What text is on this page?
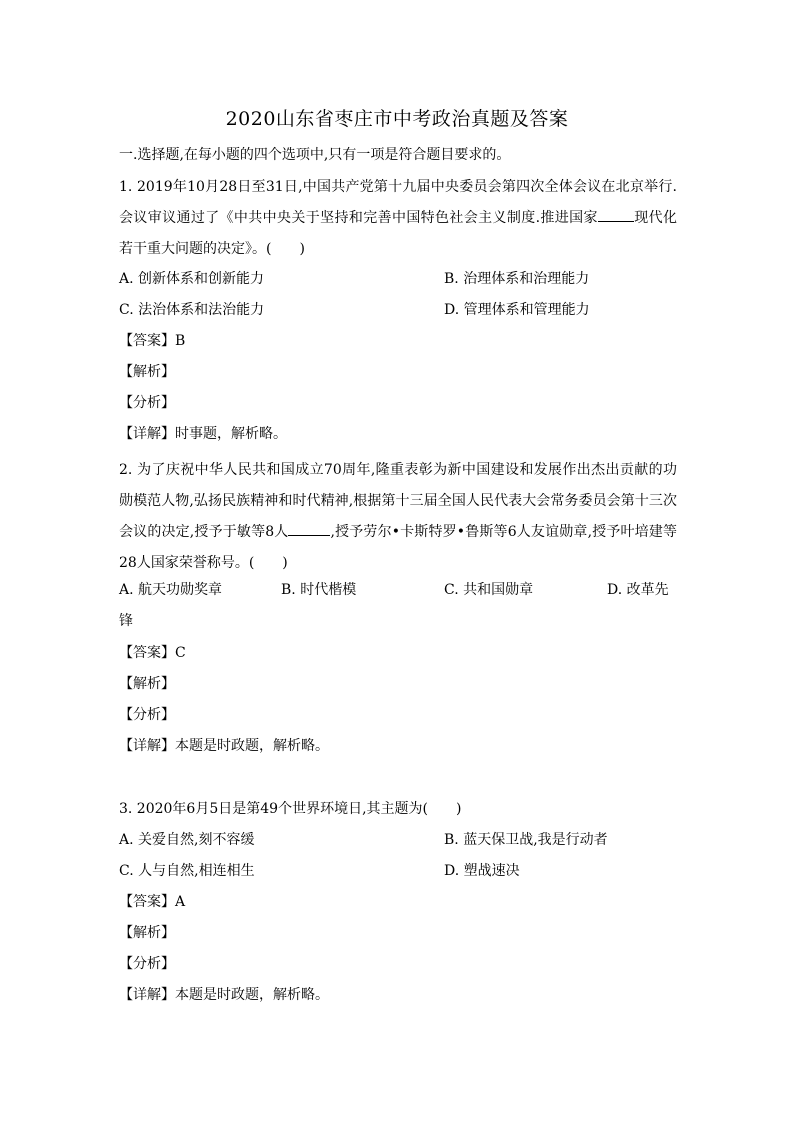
2020山东省枣庄市中考政治真题及答案
一.选择题,在每小题的四个选项中,只有一项是符合题目要求的。
1. 2019年10月28日至31日,中国共产党第十九届中央委员会第四次全体会议在北京举行.会议审议通过了《中共中央关于坚持和完善中国特色社会主义制度.推进国家	现代化若干重大问题的决定》。(　　)
A. 创新体系和创新能力	B. 治理体系和治理能力
C. 法治体系和法治能力	D. 管理体系和管理能力
【答案】B
【解析】
【分析】
【详解】时事题，解析略。
2. 为了庆祝中华人民共和国成立70周年,隆重表彰为新中国建设和发展作出杰出贡献的功勋模范人物,弘扬民族精神和时代精神,根据第十三届全国人民代表大会常务委员会第十三次会议的决定,授予于敏等8人	,授予劳尔•卡斯特罗•鲁斯等6人友谊勋章,授予叶培建等28人国家荣誉称号。(　　)
A. 航天功勋奖章	B. 时代楷模	C. 共和国勋章	D. 改革先
锋
【答案】C
【解析】
【分析】
【详解】本题是时政题，解析略。
3. 2020年6月5日是第49个世界环境日,其主题为(　　)
A. 关爱自然,刻不容缓	B. 蓝天保卫战,我是行动者
C. 人与自然,相连相生	D. 塑战速决
【答案】A
【解析】
【分析】
【详解】本题是时政题，解析略。
